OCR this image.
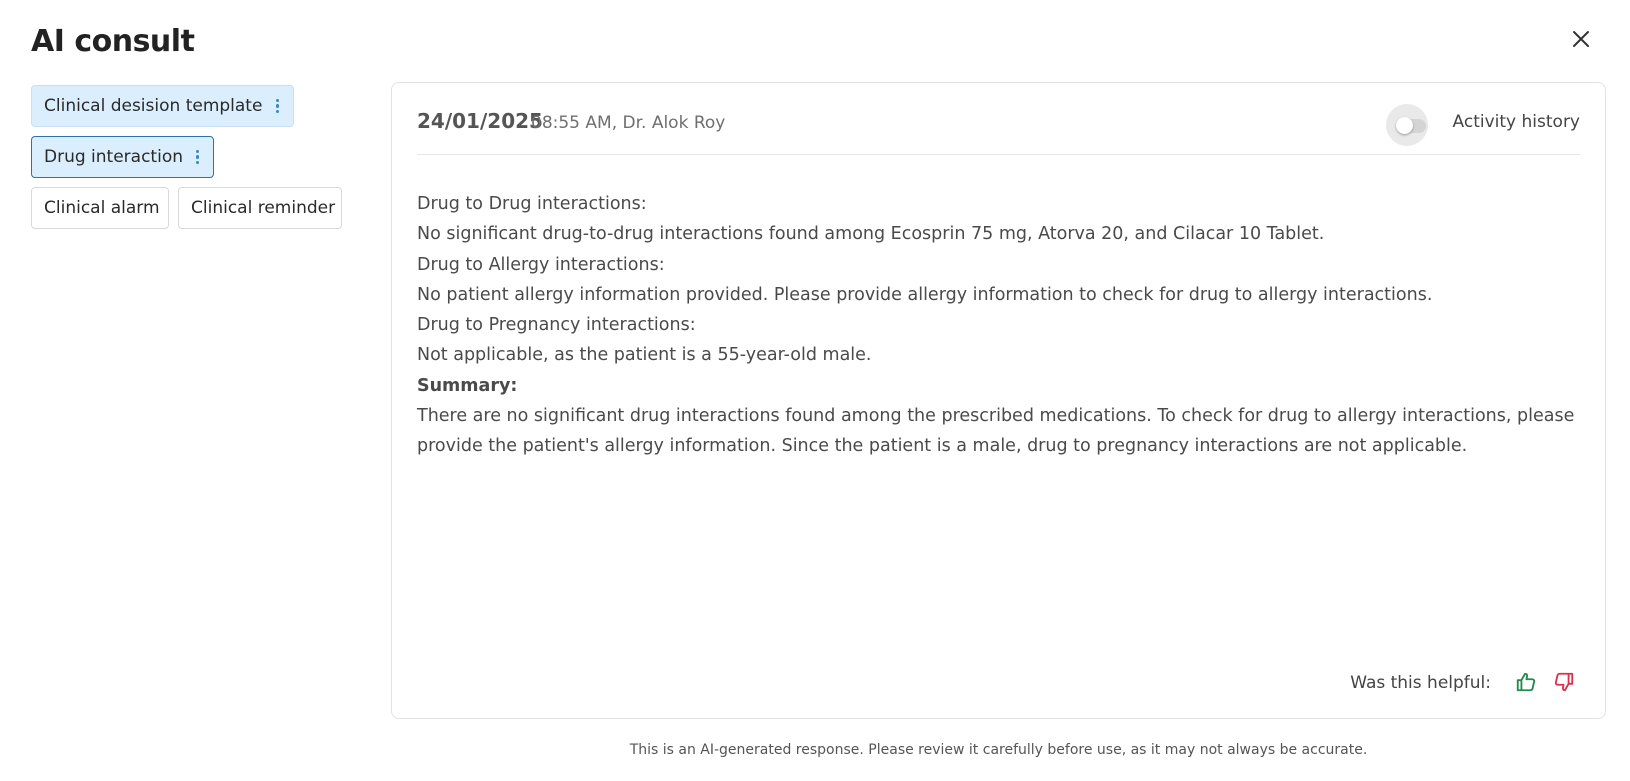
AI consult
Clinical desision template
Drug interaction
Clinical alarm Clinical reminder
24/01/2025
08:55 AM, Dr. Alok Roy	Activity history

Drug to Drug interactions:

No significant drug-to-drug interactions found among Ecosprin 75 mg, Atorva 20, and Cilacar 10 Tablet.

Drug to Allergy interactions:

No patient allergy information provided. Please provide allergy information to check for drug to allergy interactions.

Drug to Pregnancy interactions:

Not applicable, as the patient is a 55-year-old male.

Summary:

There are no significant drug interactions found among the prescribed medications. To check for drug to allergy interactions, please provide the patient's allergy information. Since the patient is a male, drug to pregnancy interactions are not applicable.

Was this helpful:
This is an AI-generated response. Please review it carefully before use, as it may not always be accurate.
